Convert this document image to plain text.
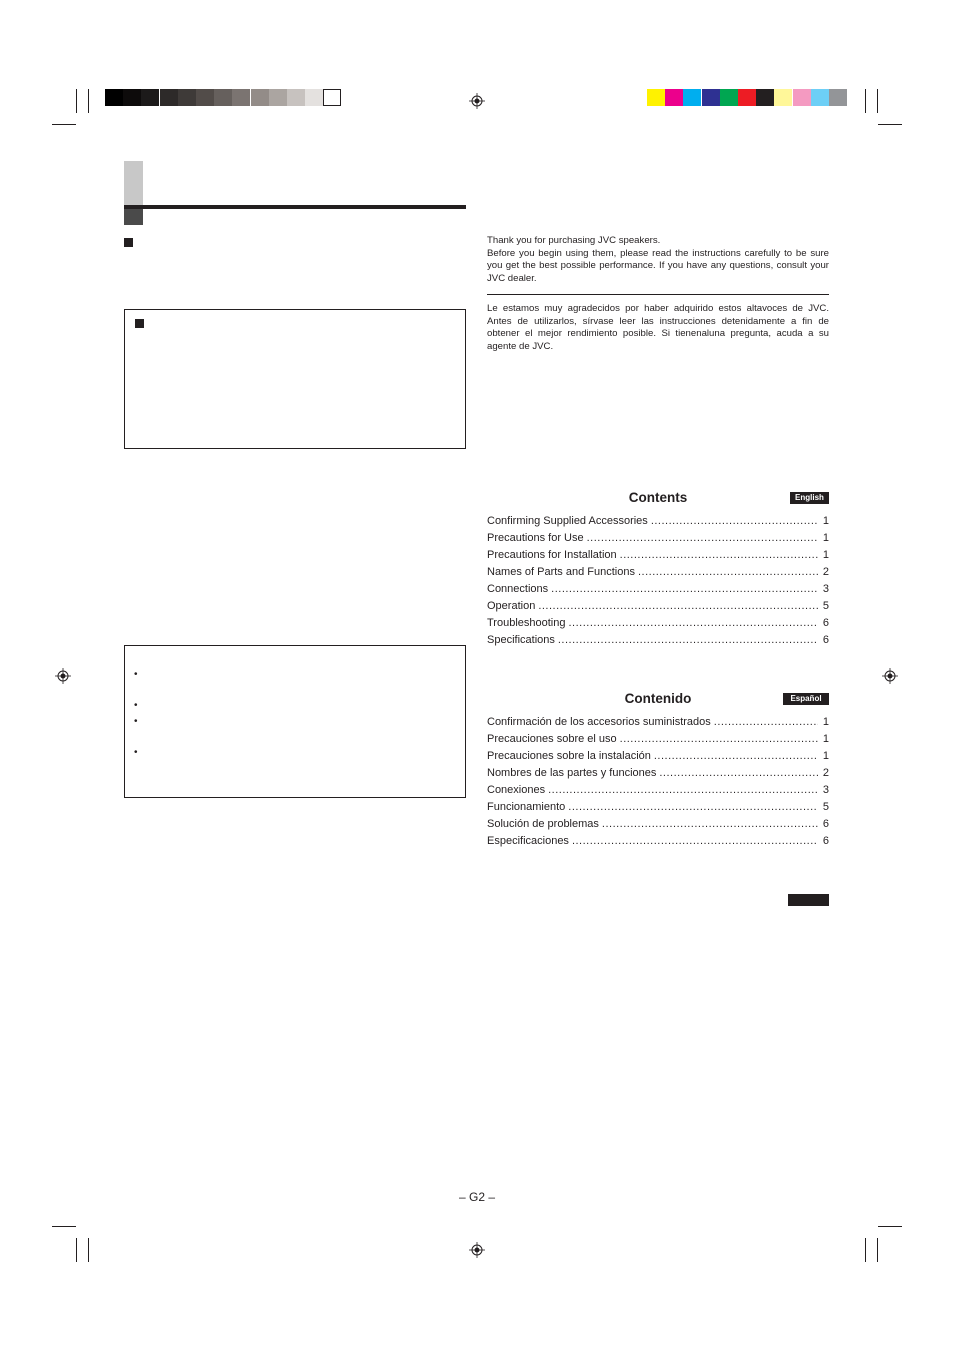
•
•
•
•

Thank you for purchasing JVC speakers.
Before you begin using them, please read the instructions carefully to be sure you get the best possible performance. If you have any questions, consult your JVC dealer.

Le estamos muy agradecidos por haber adquirido estos altavoces de JVC. Antes de utilizarlos, sírvase leer las instrucciones detenidamente a fin de obtener el mejor rendimiento posible. Si tienenaluna pregunta, acuda a su agente de JVC.

Contents	English
Confirming Supplied Accessories .....	1
Precautions for Use .....	1
Precautions for Installation .....	1
Names of Parts and Functions .....	2
Connections .....	3
Operation .....	5
Troubleshooting .....	6
Specifications .....	6
Contenido	Español
Confirmación de los accesorios suministrados .....	1
Precauciones sobre el uso .....	1
Precauciones sobre la instalación .....	1
Nombres de las partes y funciones .....	2
Conexiones .....	3
Funcionamiento .....	5
Solución de problemas .....	6
Especificaciones .....	6
– G2 –
